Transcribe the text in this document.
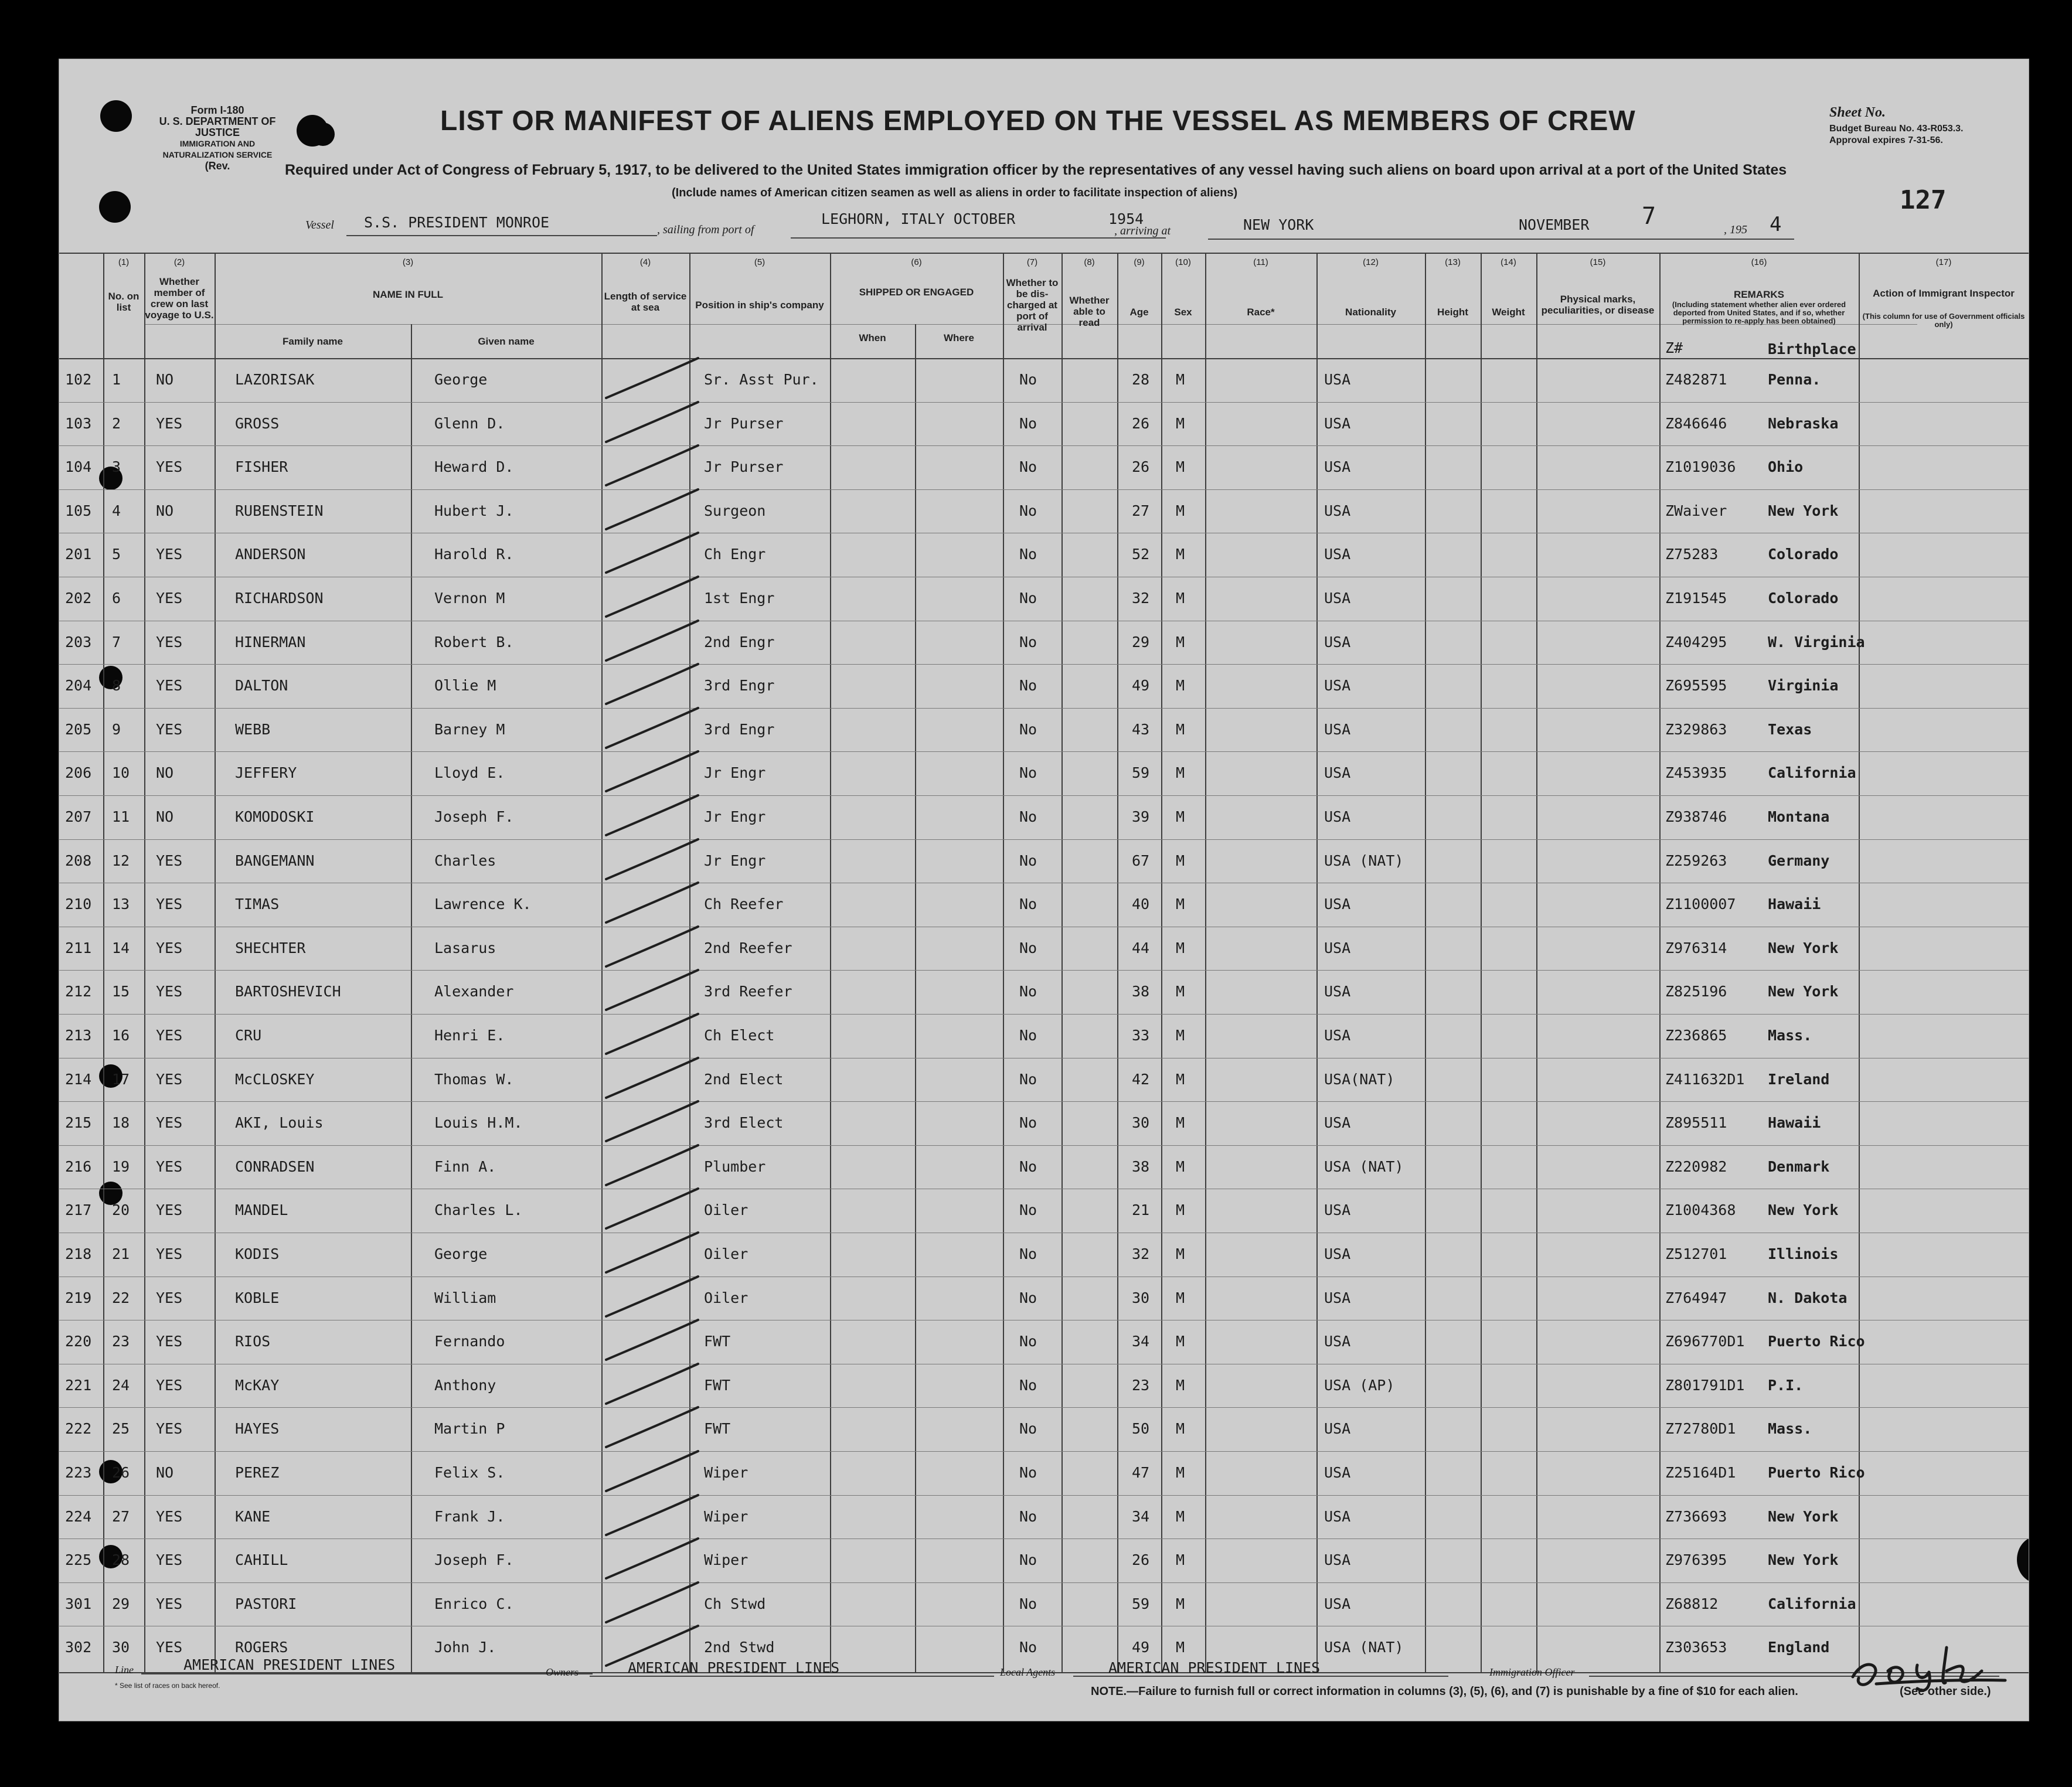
Form I-180
U. S. DEPARTMENT OF JUSTICE
IMMIGRATION AND NATURALIZATION SERVICE
(Rev.
LIST OR MANIFEST OF ALIENS EMPLOYED ON THE VESSEL AS MEMBERS OF CREW
Required under Act of Congress of February 5, 1917, to be delivered to the United States immigration officer by the representatives of any vessel having such aliens on board upon arrival at a port of the United States
(Include names of American citizen seamen as well as aliens in order to facilitate inspection of aliens)
Sheet No.
Budget Bureau No. 43-R053.3.
Approval expires 7-31-56.
127
Vessel S.S. PRESIDENT MONROE	, sailing from port of
LEGHORN, ITALY OCTOBER	1954
, arriving at	NEW YORK	NOVEMBER 7	, 195 4
(1)	(2)	(3)	(4)	(5)	(6)	(7)	(8)	(9)	(10)	(11)	(12)	(13)	(14)	(15)	(16)	(17)
No. on list
Whether member of crew on last voyage to U.S.
NAME IN FULL
Family name	Given name
Length of service at sea	Position in ship's company
SHIPPED OR ENGAGED
When	Where
Whether to be dis-charged at port of arrival
Whether able to read
Age	Sex	Race*	Nationality	Height	Weight
Physical marks, peculiarities, or disease
REMARKS
(Including statement whether alien ever ordered deported from United States, and if so, whether permission to re-apply has been obtained)
Z#	Birthplace
Action of Immigrant Inspector
(This column for use of Government officials only)
102 1 NO	LAZORISAK	George	Sr. Asst Pur.	No	28 M	USA	Z482871	Penna.
103 2 YES	GROSS	Glenn D.	Jr Purser	No	26 M	USA	Z846646	Nebraska
104 3 YES	FISHER	Heward D.	Jr Purser	No	26 M	USA	Z1019036 Ohio
105 4 NO	RUBENSTEIN	Hubert J.	Surgeon	No	27 M	USA	ZWaiver	New York
201 5 YES	ANDERSON	Harold R.	Ch Engr	No	52 M	USA	Z75283	Colorado
202 6 YES	RICHARDSON	Vernon M	1st Engr	No	32 M	USA	Z191545	Colorado
203 7 YES	HINERMAN	Robert B.	2nd Engr	No	29 M	USA	Z404295	W. Virginia
204 8 YES	DALTON	Ollie M	3rd Engr	No	49 M	USA	Z695595	Virginia
205 9 YES	WEBB	Barney M	3rd Engr	No	43 M	USA	Z329863	Texas
206 10 NO	JEFFERY	Lloyd E.	Jr Engr	No	59 M	USA	Z453935	California
207 11 NO	KOMODOSKI	Joseph F.	Jr Engr	No	39 M	USA	Z938746	Montana
208 12 YES	BANGEMANN	Charles	Jr Engr	No	67 M	USA (NAT)	Z259263	Germany
210 13 YES	TIMAS	Lawrence K.	Ch Reefer	No	40 M	USA	Z1100007 Hawaii
211 14 YES	SHECHTER	Lasarus	2nd Reefer	No	44 M	USA	Z976314	New York
212 15 YES	BARTOSHEVICH	Alexander	3rd Reefer	No	38 M	USA	Z825196	New York
213 16 YES	CRU	Henri E.	Ch Elect	No	33 M	USA	Z236865	Mass.
214 17 YES	McCLOSKEY	Thomas W.	2nd Elect	No	42 M	USA(NAT)	Z411632D1 Ireland
215 18 YES	AKI, Louis	Louis H.M.	3rd Elect	No	30 M	USA	Z895511	Hawaii
216 19 YES	CONRADSEN	Finn A.	Plumber	No	38 M	USA (NAT)	Z220982	Denmark
217 20 YES	MANDEL	Charles L.	Oiler	No	21 M	USA	Z1004368 New York
218 21 YES	KODIS	George	Oiler	No	32 M	USA	Z512701	Illinois
219 22 YES	KOBLE	William	Oiler	No	30 M	USA	Z764947	N. Dakota
220 23 YES	RIOS	Fernando	FWT	No	34 M	USA	Z696770D1 Puerto Rico
221 24 YES	McKAY	Anthony	FWT	No	23 M	USA (AP)	Z801791D1 P.I.
222 25 YES	HAYES	Martin P	FWT	No	50 M	USA	Z72780D1 Mass.
223 26 NO	PEREZ	Felix S.	Wiper	No	47 M	USA	Z25164D1 Puerto Rico
224 27 YES	KANE	Frank J.	Wiper	No	34 M	USA	Z736693	New York
225 28 YES	CAHILL	Joseph F.	Wiper	No	26 M	USA	Z976395	New York
301 29 YES	PASTORI	Enrico C.	Ch Stwd	No	59 M	USA	Z68812	California
302 30 YES	ROGERS	John J.	2nd Stwd	No	49 M	USA (NAT)	Z303653	England
Line	AMERICAN PRESIDENT LINES	Owners	AMERICAN PRESIDENT LINES	Local Agents	AMERICAN PRESIDENT LINES	Immigration Officer
* See list of races on back hereof.	NOTE.—Failure to furnish full or correct information in columns (3), (5), (6), and (7) is punishable by a fine of $10 for each alien.	(See other side.)
